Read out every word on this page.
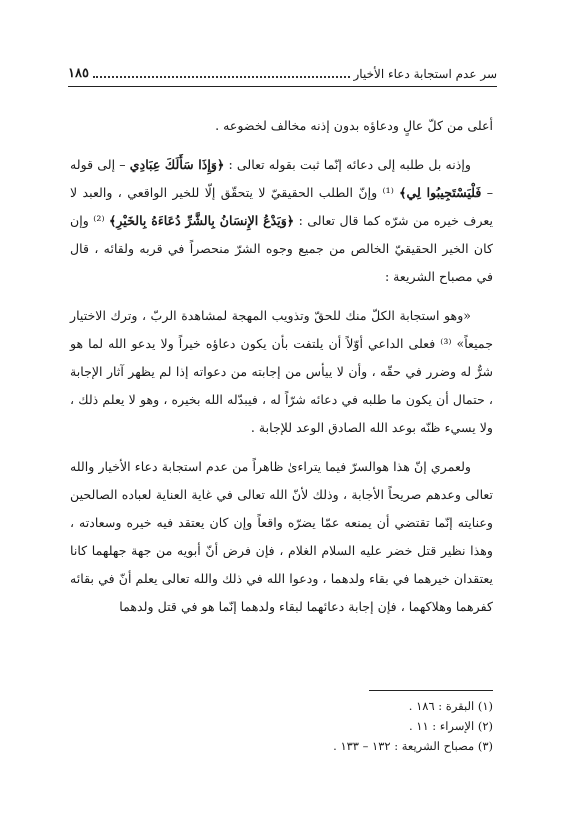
سر عدم استجابة دعاء الأخيار
١٨٥

أعلى من كلّ عالٍ ودعاؤه بدون إذنه مخالف لخضوعه .

وإذنه بل طلبه إلى دعائه إنّما ثبت بقوله تعالى : ﴿وَإِذَا سَأَلَكَ عِبَادِي – إلى قوله – فَلْيَسْتَجِيبُوا لِي﴾ ⁽¹⁾ وإنّ الطلب الحقيقيّ لا يتحقّق إلّا للخير الواقعي ، والعبد لا يعرف خيره من شرّه كما قال تعالى : ﴿وَيَدْعُ الإِنسَانُ بِالشَّرِّ دُعَاءَهُ بِالخَيْرِ﴾ ⁽²⁾ وإن كان الخير الحقيقيّ الخالص من جميع وجوه الشرّ منحصراً في قربه ولقائه ، قال في مصباح الشريعة :

«وهو استجابة الكلّ منك للحقّ وتذويب المهجة لمشاهدة الربّ ، وترك الاختيار جميعاً» ⁽³⁾ فعلى الداعي أوّلاً أن يلتفت بأن يكون دعاؤه خيراً ولا يدعو الله لما هو شرٌّ له وضرر في حقّه ، وأن لا ييأس من إجابته من دعواته إذا لم يظهر آثار الإجابة ، حتمال أن يكون ما طلبه في دعائه شرّاً له ، فيبدّله الله بخيره ، وهو لا يعلم ذلك ، ولا يسيء ظنّه بوعد الله الصادق الوعد للإجابة .

ولعمري إنّ هذا هوالسرّ فيما يتراءىٰ ظاهراً من عدم استجابة دعاء الأخيار والله تعالى وعدهم صريحاً الأجابة ، وذلك لأنّ الله تعالى في غاية العناية لعباده الصالحين وعنايته إنّما تقتضي أن يمنعه عمّا يضرّه واقعاً وإن كان يعتقد فيه خيره وسعادته ، وهذا نظير قتل خضر عليه السلام الغلام ، فإن فرض أنّ أبويه من جهة جهلهما كانا يعتقدان خيرهما في بقاء ولدهما ، ودعوا الله في ذلك والله تعالى يعلم أنّ في بقائه كفرهما وهلاكهما ، فإن إجابة دعائهما لبقاء ولدهما إنّما هو في قتل ولدهما

(١) البقرة : ١٨٦ .
(٢) الإسراء : ١١ .
(٣) مصباح الشريعة : ١٣٢ – ١٣٣ .
